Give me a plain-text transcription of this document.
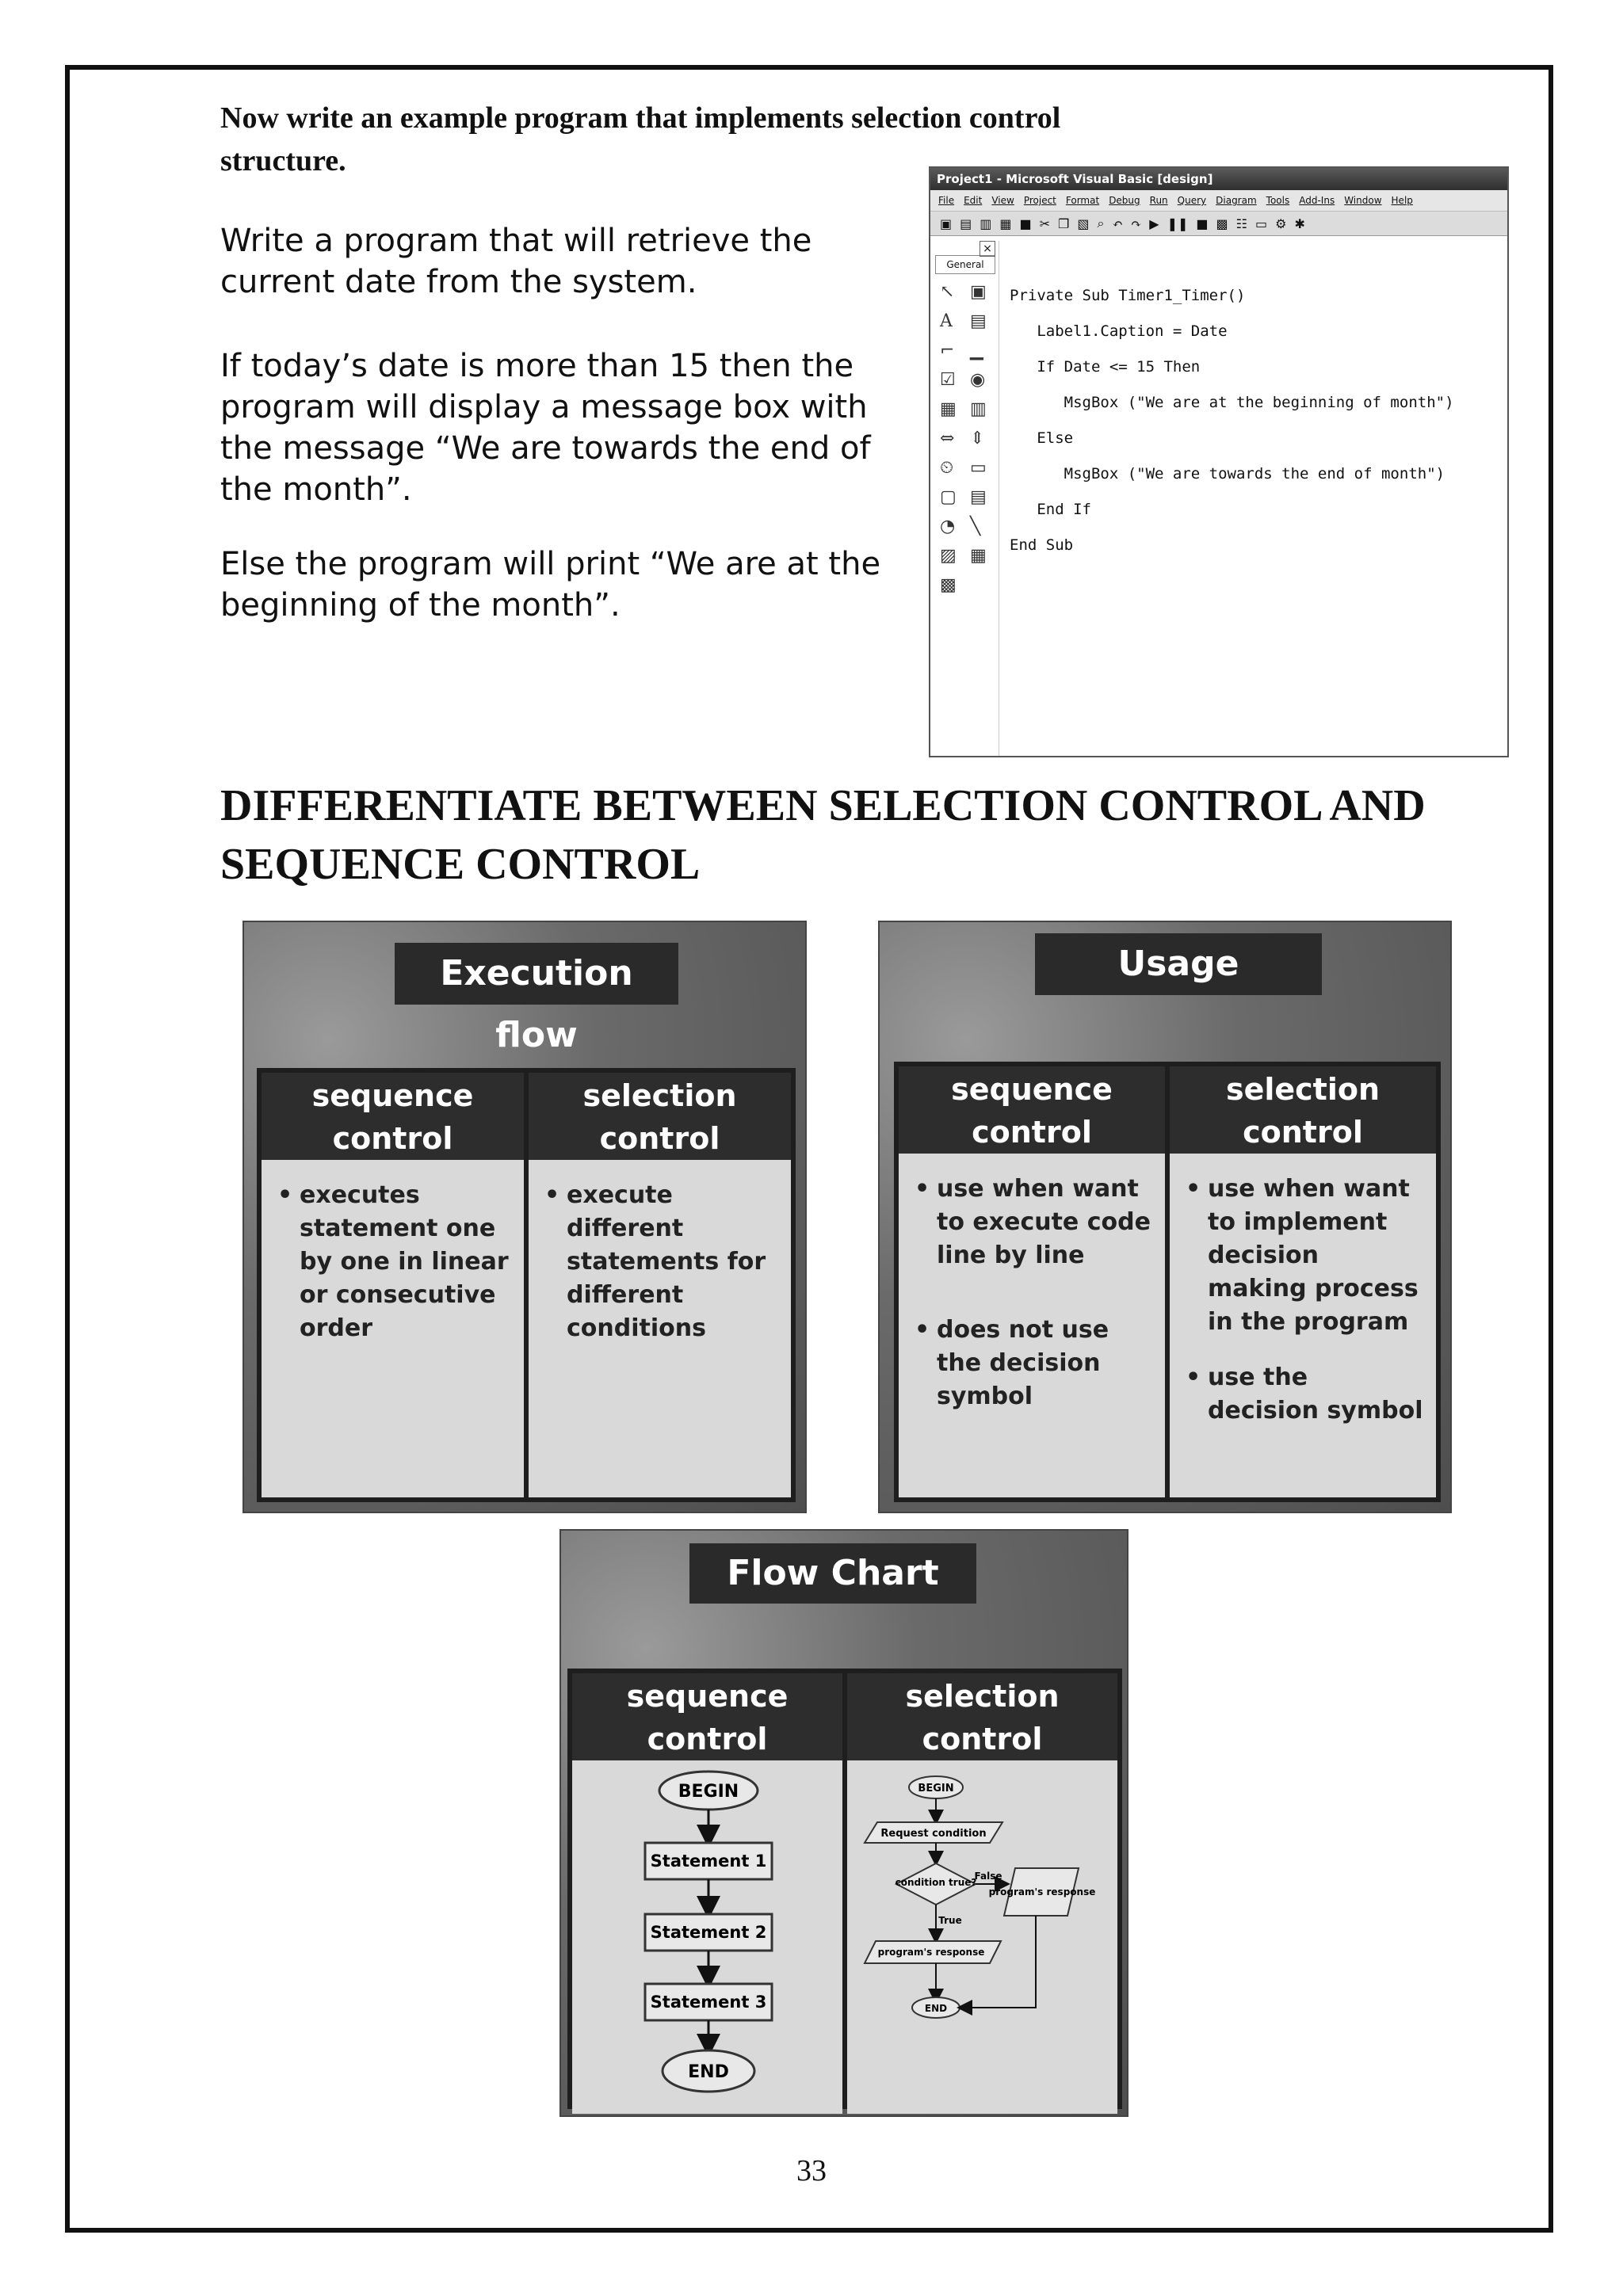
Now write an example program that implements selection control structure.
Write a program that will retrieve the current date from the system.
If today’s date is more than 15 then the program will display a message box with the message “We are towards the end of the month”.
Else the program will print “We are at the beginning of the month”.
Project1 - Microsoft Visual Basic [design]
File Edit View Project Format Debug Run Query Diagram Tools Add-Ins Window Help
▣ ▤ ▥ ▦ ■ ✂ ❐ ▧ ⌕ ↶ ↷ ▶ ❚❚ ■ ▩ ☷ ▭ ⚙ ✱
×
General
↖ ▣
A	▤
⌐ ▁
☑ ◉
▦ ▥
⇔ ⇕
⏲ ▭
▢ ▤
◔ ╲
▨ ▦
▩

Private Sub Timer1_Timer()
Label1.Caption = Date
If Date <= 15 Then
MsgBox ("We are at the beginning of month")
Else
MsgBox ("We are towards the end of month")
End If
End Sub

DIFFERENTIATE BETWEEN SELECTION CONTROL AND SEQUENCE CONTROL
Execution flow
sequence control
• executes statement one by one in linear or consecutive order
selection control
• execute different statements for different conditions
Usage
sequence control
• use when want to execute code line by line
• does not use the decision symbol
selection control
• use when want to implement decision making process in the program
• use the decision symbol
Flow Chart
sequence control
BEGIN
Statement 1
Statement 2
Statement 3
END
selection control
BEGIN
Request condition
condition true?
False
program's response
True
program's response
END
33
